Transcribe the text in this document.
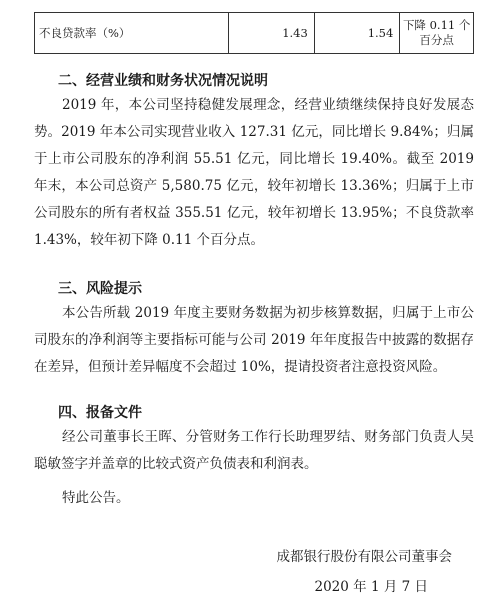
不良贷款率（%）	1.43	1.54	下降 0.11 个百分点
二、经营业绩和财务状况情况说明

2019 年，本公司坚持稳健发展理念，经营业绩继续保持良好发展态势。2019 年本公司实现营业收入 127.31 亿元，同比增长 9.84%；归属于上市公司股东的净利润 55.51 亿元，同比增长 19.40%。截至 2019 年末，本公司总资产 5,580.75 亿元，较年初增长 13.36%；归属于上市公司股东的所有者权益 355.51 亿元，较年初增长 13.95%；不良贷款率 1.43%，较年初下降 0.11 个百分点。

三、风险提示

本公告所载 2019 年度主要财务数据为初步核算数据，归属于上市公司股东的净利润等主要指标可能与公司 2019 年年度报告中披露的数据存在差异，但预计差异幅度不会超过 10%，提请投资者注意投资风险。

四、报备文件

经公司董事长王晖、分管财务工作行长助理罗结、财务部门负责人吴聪敏签字并盖章的比较式资产负债表和利润表。

特此公告。
成都银行股份有限公司董事会
2020 年 1 月 7 日
